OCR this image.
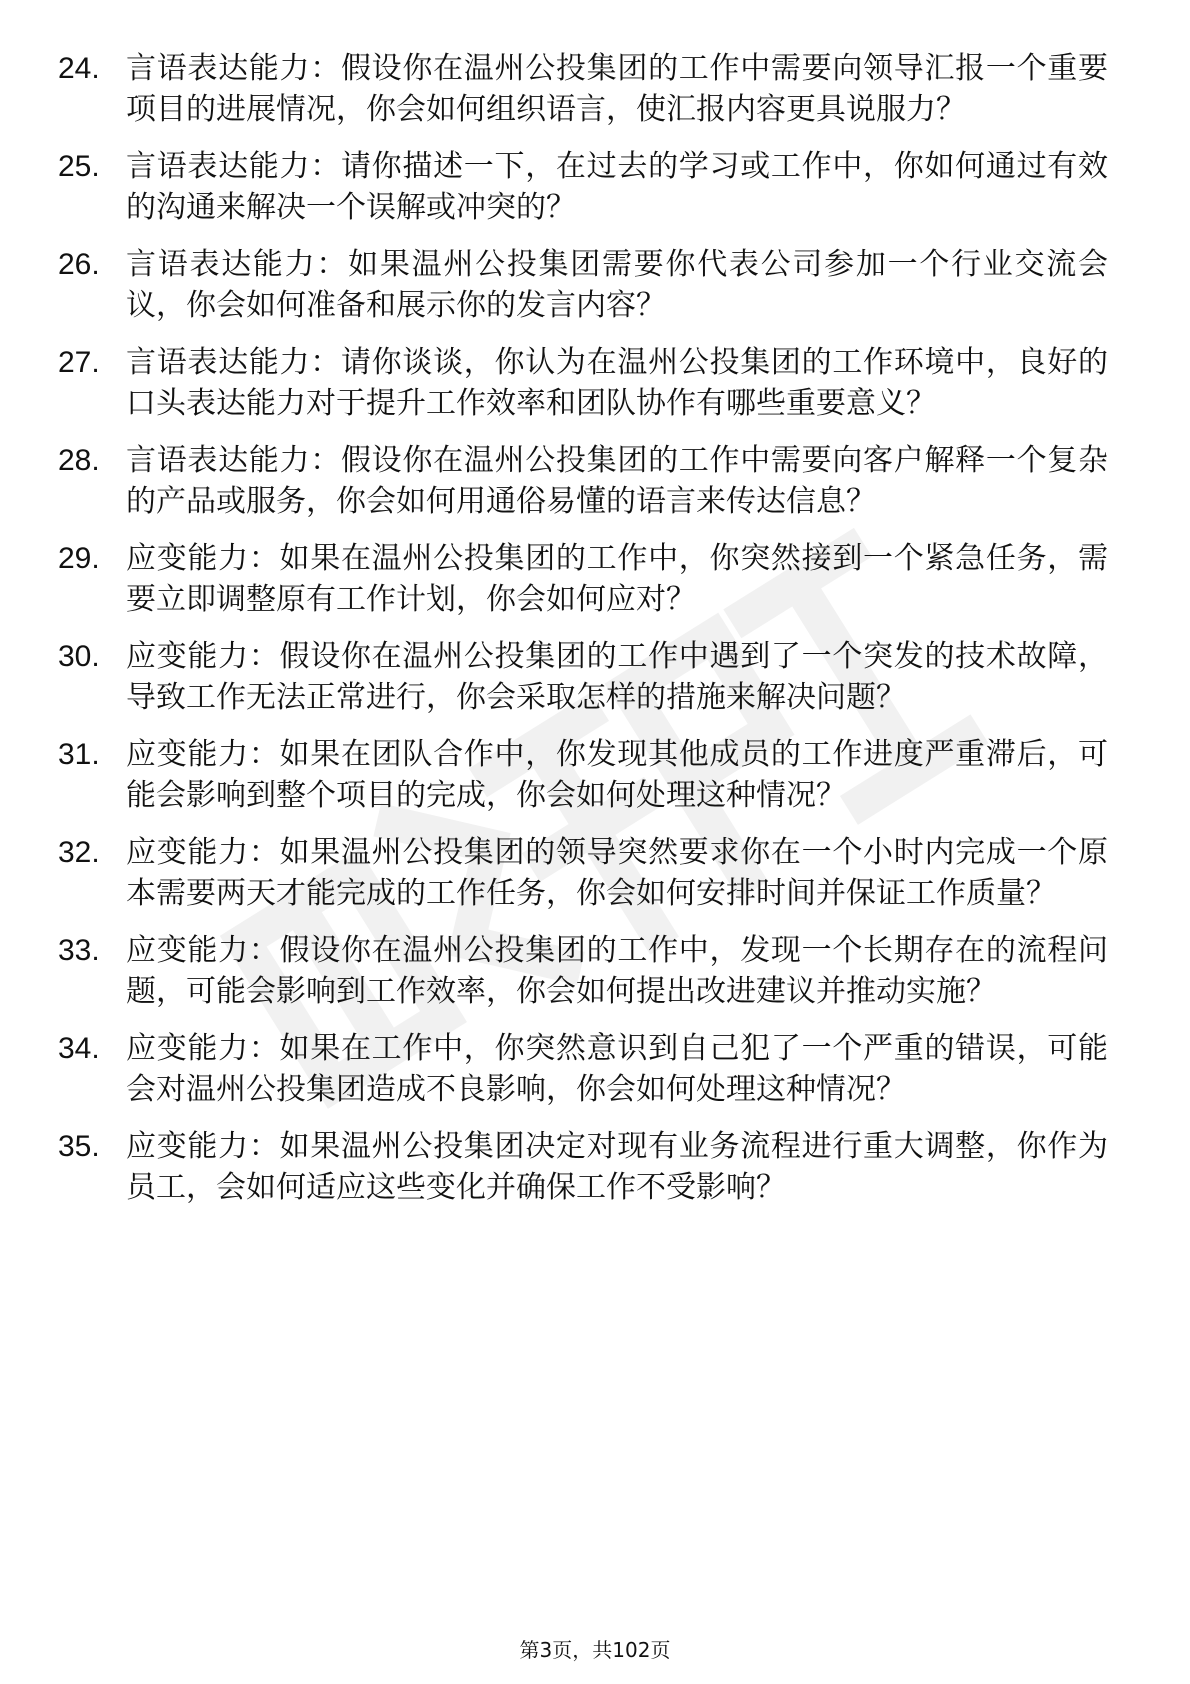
24. 言语表达能力：假设你在温州公投集团的工作中需要向领导汇报一个重要项目的进展情况，你会如何组织语言，使汇报内容更具说服力？
25. 言语表达能力：请你描述一下，在过去的学习或工作中，你如何通过有效的沟通来解决一个误解或冲突的？
26. 言语表达能力：如果温州公投集团需要你代表公司参加一个行业交流会议，你会如何准备和展示你的发言内容？
27. 言语表达能力：请你谈谈，你认为在温州公投集团的工作环境中，良好的口头表达能力对于提升工作效率和团队协作有哪些重要意义？
28. 言语表达能力：假设你在温州公投集团的工作中需要向客户解释一个复杂的产品或服务，你会如何用通俗易懂的语言来传达信息？
29. 应变能力：如果在温州公投集团的工作中，你突然接到一个紧急任务，需要立即调整原有工作计划，你会如何应对？
30. 应变能力：假设你在温州公投集团的工作中遇到了一个突发的技术故障，导致工作无法正常进行，你会采取怎样的措施来解决问题？
31. 应变能力：如果在团队合作中，你发现其他成员的工作进度严重滞后，可能会影响到整个项目的完成，你会如何处理这种情况？
32. 应变能力：如果温州公投集团的领导突然要求你在一个小时内完成一个原本需要两天才能完成的工作任务，你会如何安排时间并保证工作质量？
33. 应变能力：假设你在温州公投集团的工作中，发现一个长期存在的流程问题，可能会影响到工作效率，你会如何提出改进建议并推动实施？
34. 应变能力：如果在工作中，你突然意识到自己犯了一个严重的错误，可能会对温州公投集团造成不良影响，你会如何处理这种情况？
35. 应变能力：如果温州公投集团决定对现有业务流程进行重大调整，你作为员工，会如何适应这些变化并确保工作不受影响？
第3页，共102页
